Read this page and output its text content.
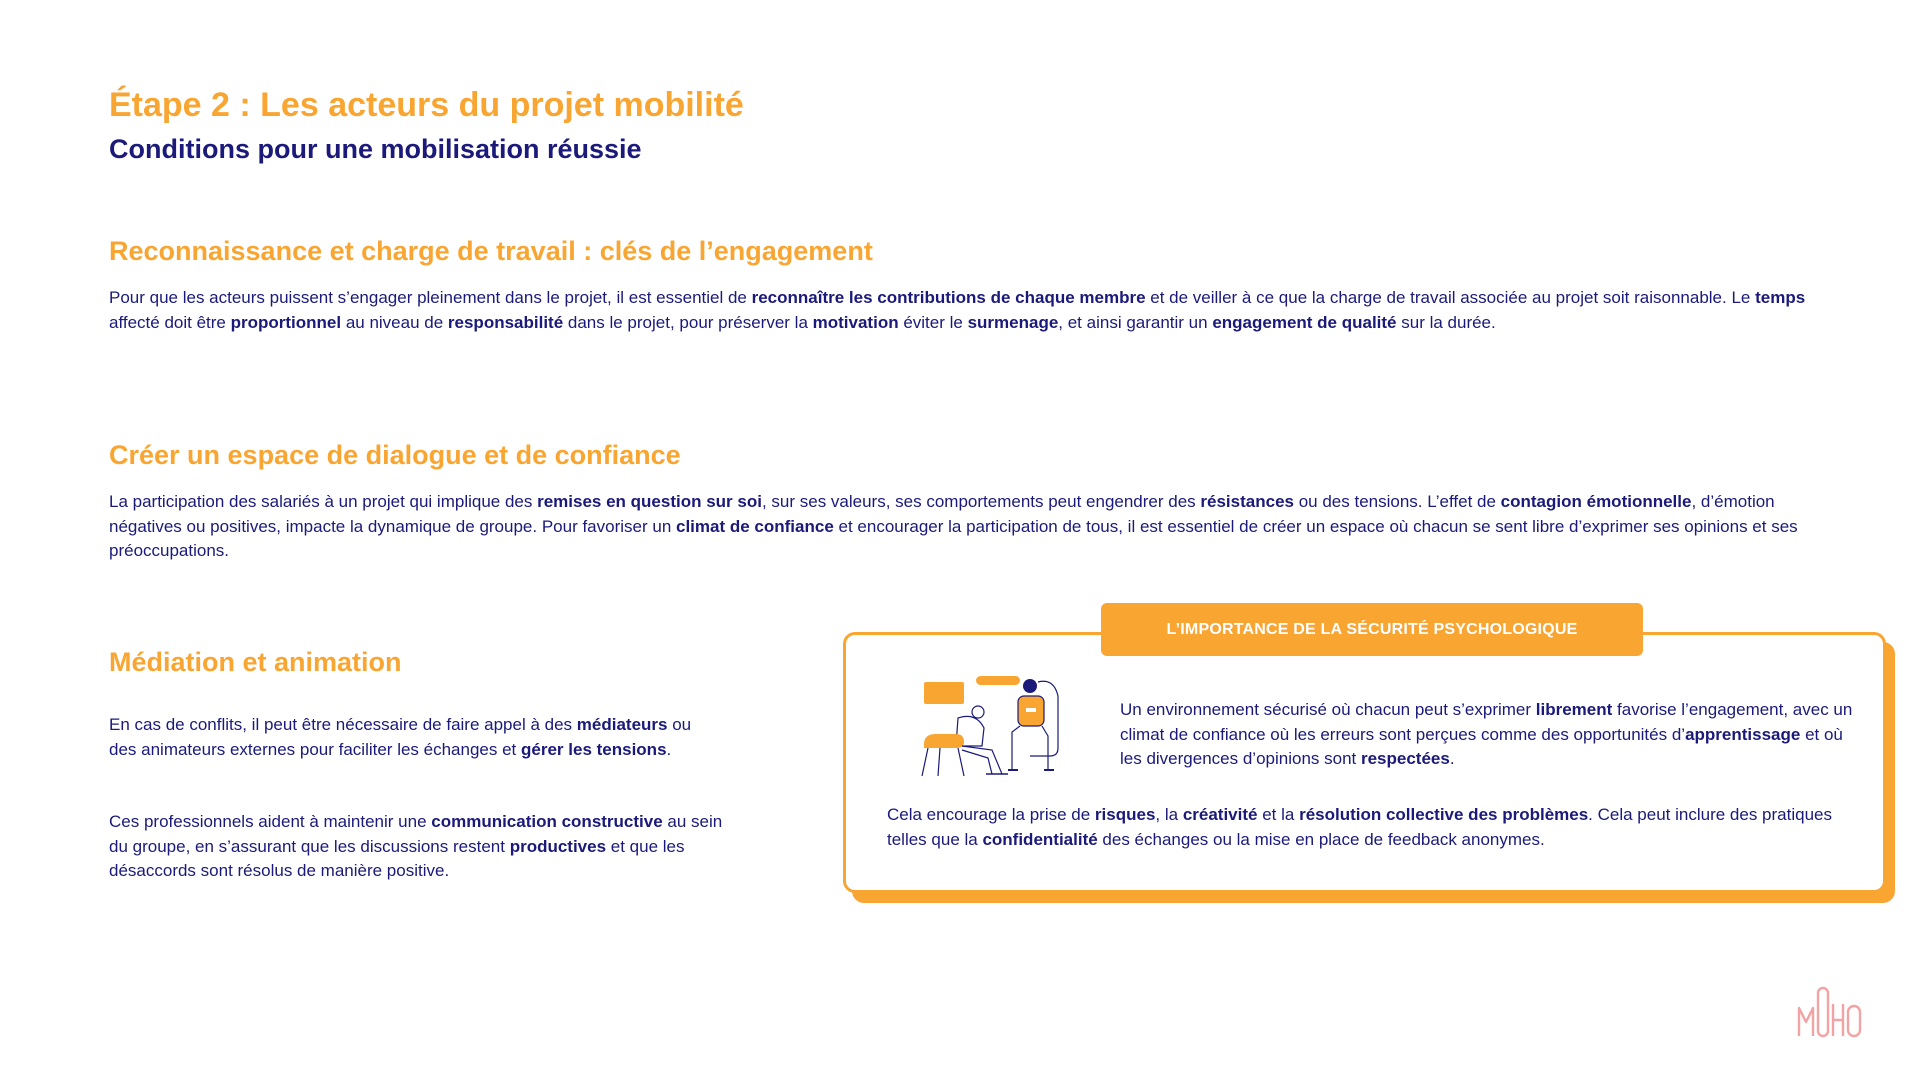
Étape 2 : Les acteurs du projet mobilité
Conditions pour une mobilisation réussie
Reconnaissance et charge de travail : clés de l’engagement

Pour que les acteurs puissent s’engager pleinement dans le projet, il est essentiel de reconnaître les contributions de chaque membre et de veiller à ce que la charge de travail associée au projet soit raisonnable. Le temps affecté doit être proportionnel au niveau de responsabilité dans le projet, pour préserver la motivation éviter le surmenage, et ainsi garantir un engagement de qualité sur la durée.

Créer un espace de dialogue et de confiance

La participation des salariés à un projet qui implique des remises en question sur soi, sur ses valeurs, ses comportements peut engendrer des résistances ou des tensions. L’effet de contagion émotionnelle, d’émotion négatives ou positives, impacte la dynamique de groupe. Pour favoriser un climat de confiance et encourager la participation de tous, il est essentiel de créer un espace où chacun se sent libre d’exprimer ses opinions et ses préoccupations.

Médiation et animation

En cas de conflits, il peut être nécessaire de faire appel à des médiateurs ou des animateurs externes pour faciliter les échanges et gérer les tensions.

Ces professionnels aident à maintenir une communication constructive au sein du groupe, en s’assurant que les discussions restent productives et que les désaccords sont résolus de manière positive.

L’IMPORTANCE DE LA SÉCURITÉ PSYCHOLOGIQUE

Un environnement sécurisé où chacun peut s’exprimer librement favorise l’engagement, avec un climat de confiance où les erreurs sont perçues comme des opportunités d’apprentissage et où les divergences d’opinions sont respectées.

Cela encourage la prise de risques, la créativité et la résolution collective des problèmes. Cela peut inclure des pratiques telles que la confidentialité des échanges ou la mise en place de feedback anonymes.
